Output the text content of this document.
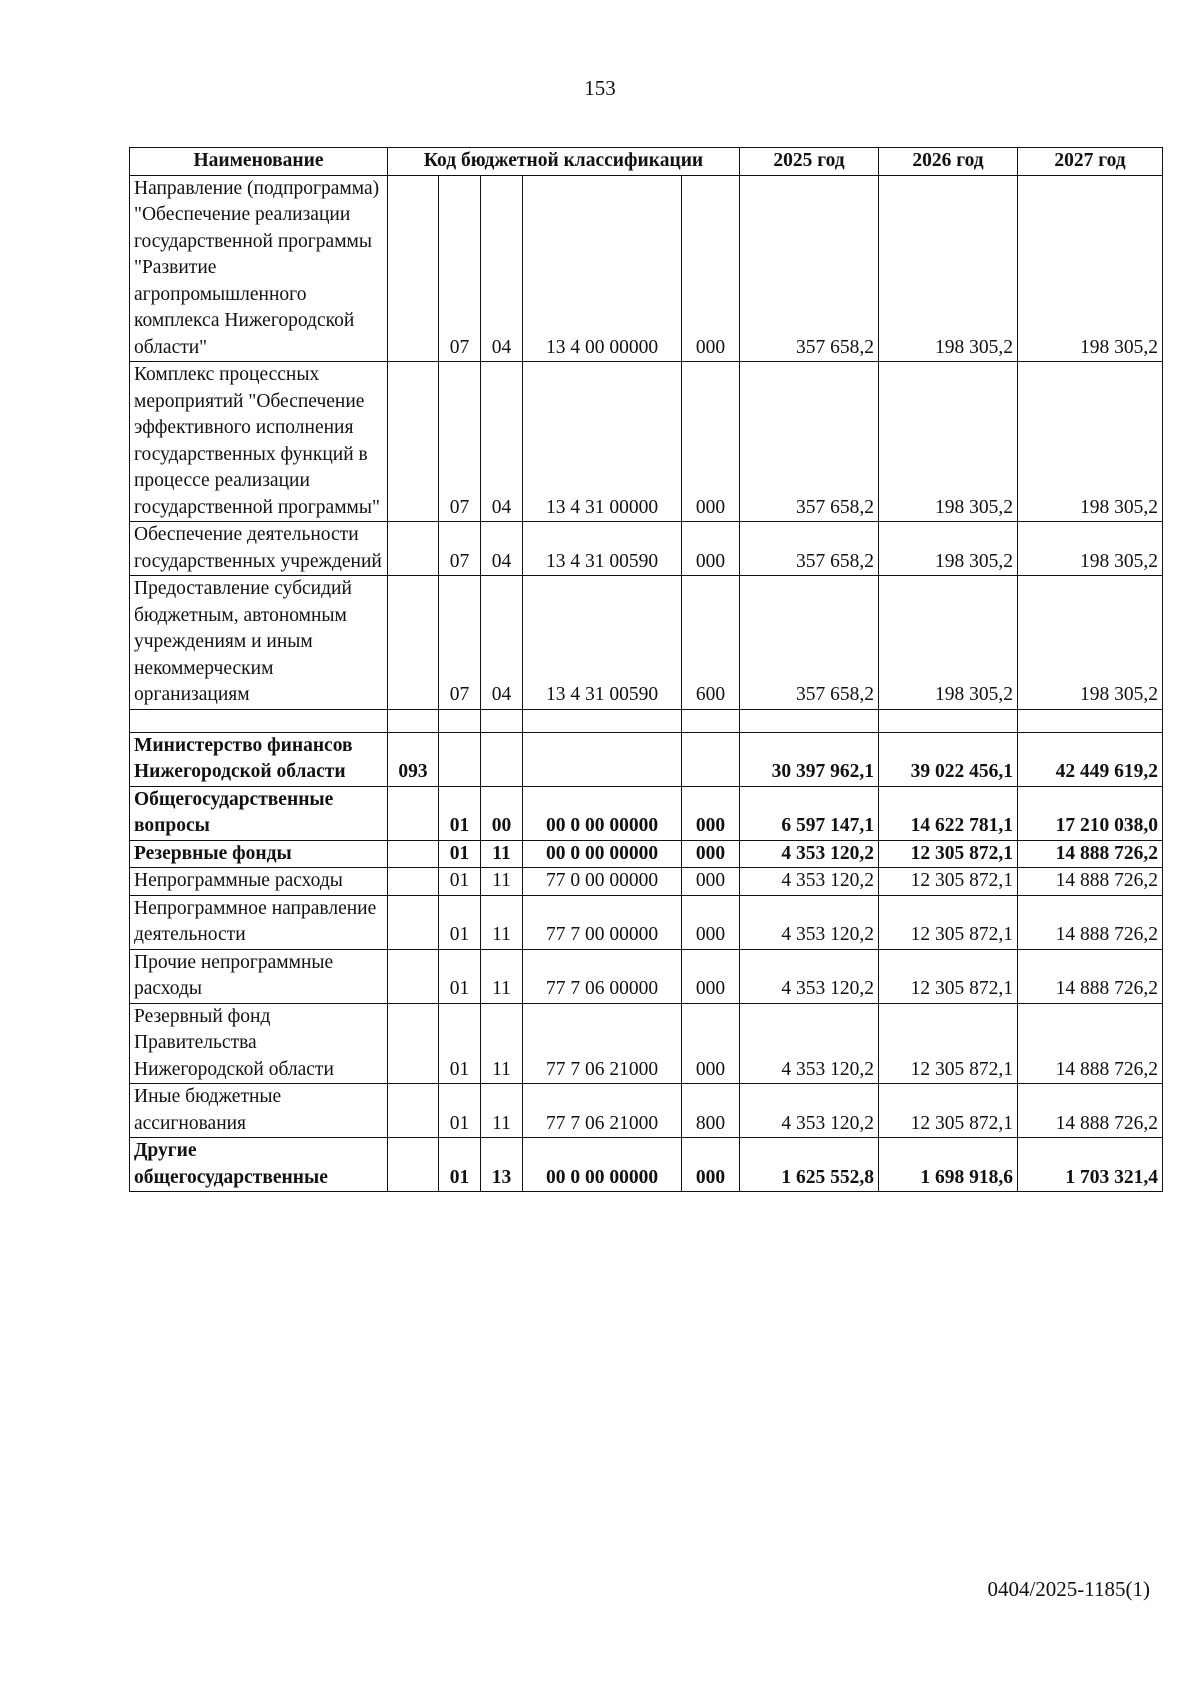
153
Наименование	Код бюджетной классификации					2025 год	2026 год	2027 год
Направление (подпрограмма) "Обеспечение реализации государственной программы "Развитие агропромышленного комплекса Нижегородской области"		07	04	13 4 00 00000	000	357 658,2	198 305,2	198 305,2
Комплекс процессных мероприятий "Обеспечение эффективного исполнения государственных функций в процессе реализации государственной программы"		07	04	13 4 31 00000	000	357 658,2	198 305,2	198 305,2
Обеспечение деятельности государственных учреждений		07	04	13 4 31 00590	000	357 658,2	198 305,2	198 305,2
Предоставление субсидий бюджетным, автономным учреждениям и иным некоммерческим организациям		07	04	13 4 31 00590	600	357 658,2	198 305,2	198 305,2

Министерство финансов Нижегородской области	093					30 397 962,1	39 022 456,1	42 449 619,2
Общегосударственные вопросы		01	00	00 0 00 00000	000	6 597 147,1	14 622 781,1	17 210 038,0
Резервные фонды		01	11	00 0 00 00000	000	4 353 120,2	12 305 872,1	14 888 726,2
Непрограммные расходы		01	11	77 0 00 00000	000	4 353 120,2	12 305 872,1	14 888 726,2
Непрограммное направление деятельности		01	11	77 7 00 00000	000	4 353 120,2	12 305 872,1	14 888 726,2
Прочие непрограммные расходы		01	11	77 7 06 00000	000	4 353 120,2	12 305 872,1	14 888 726,2
Резервный фонд Правительства Нижегородской области		01	11	77 7 06 21000	000	4 353 120,2	12 305 872,1	14 888 726,2
Иные бюджетные ассигнования		01	11	77 7 06 21000	800	4 353 120,2	12 305 872,1	14 888 726,2
Другие общегосударственные		01	13	00 0 00 00000	000	1 625 552,8	1 698 918,6	1 703 321,4
0404/2025-1185(1)
